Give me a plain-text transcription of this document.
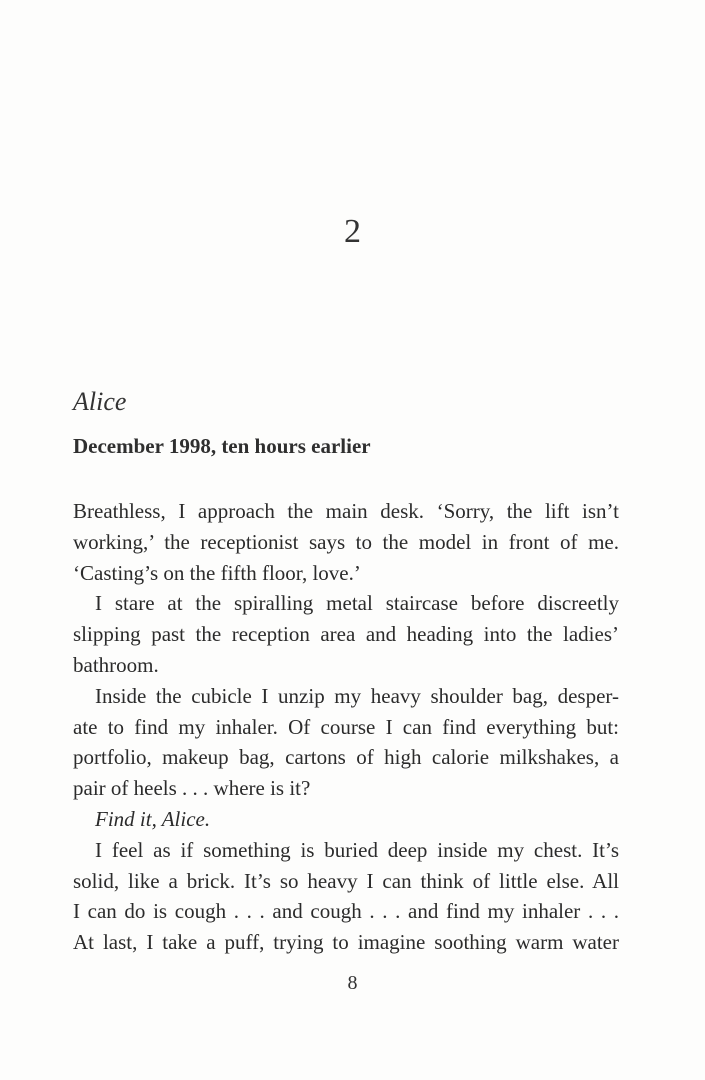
2
Alice
December 1998, ten hours earlier
Breathless, I approach the main desk. ‘Sorry, the lift isn’t
working,’ the receptionist says to the model in front of me.
‘Casting’s on the fifth floor, love.’
I stare at the spiralling metal staircase before discreetly
slipping past the reception area and heading into the ladies’
bathroom.
Inside the cubicle I unzip my heavy shoulder bag, desper-
ate to find my inhaler. Of course I can find everything but:
portfolio, makeup bag, cartons of high calorie milkshakes, a
pair of heels . . . where is it?
Find it, Alice.
I feel as if something is buried deep inside my chest. It’s
solid, like a brick. It’s so heavy I can think of little else. All
I can do is cough . . . and cough . . . and find my inhaler . . .
At last, I take a puff, trying to imagine soothing warm water
8
